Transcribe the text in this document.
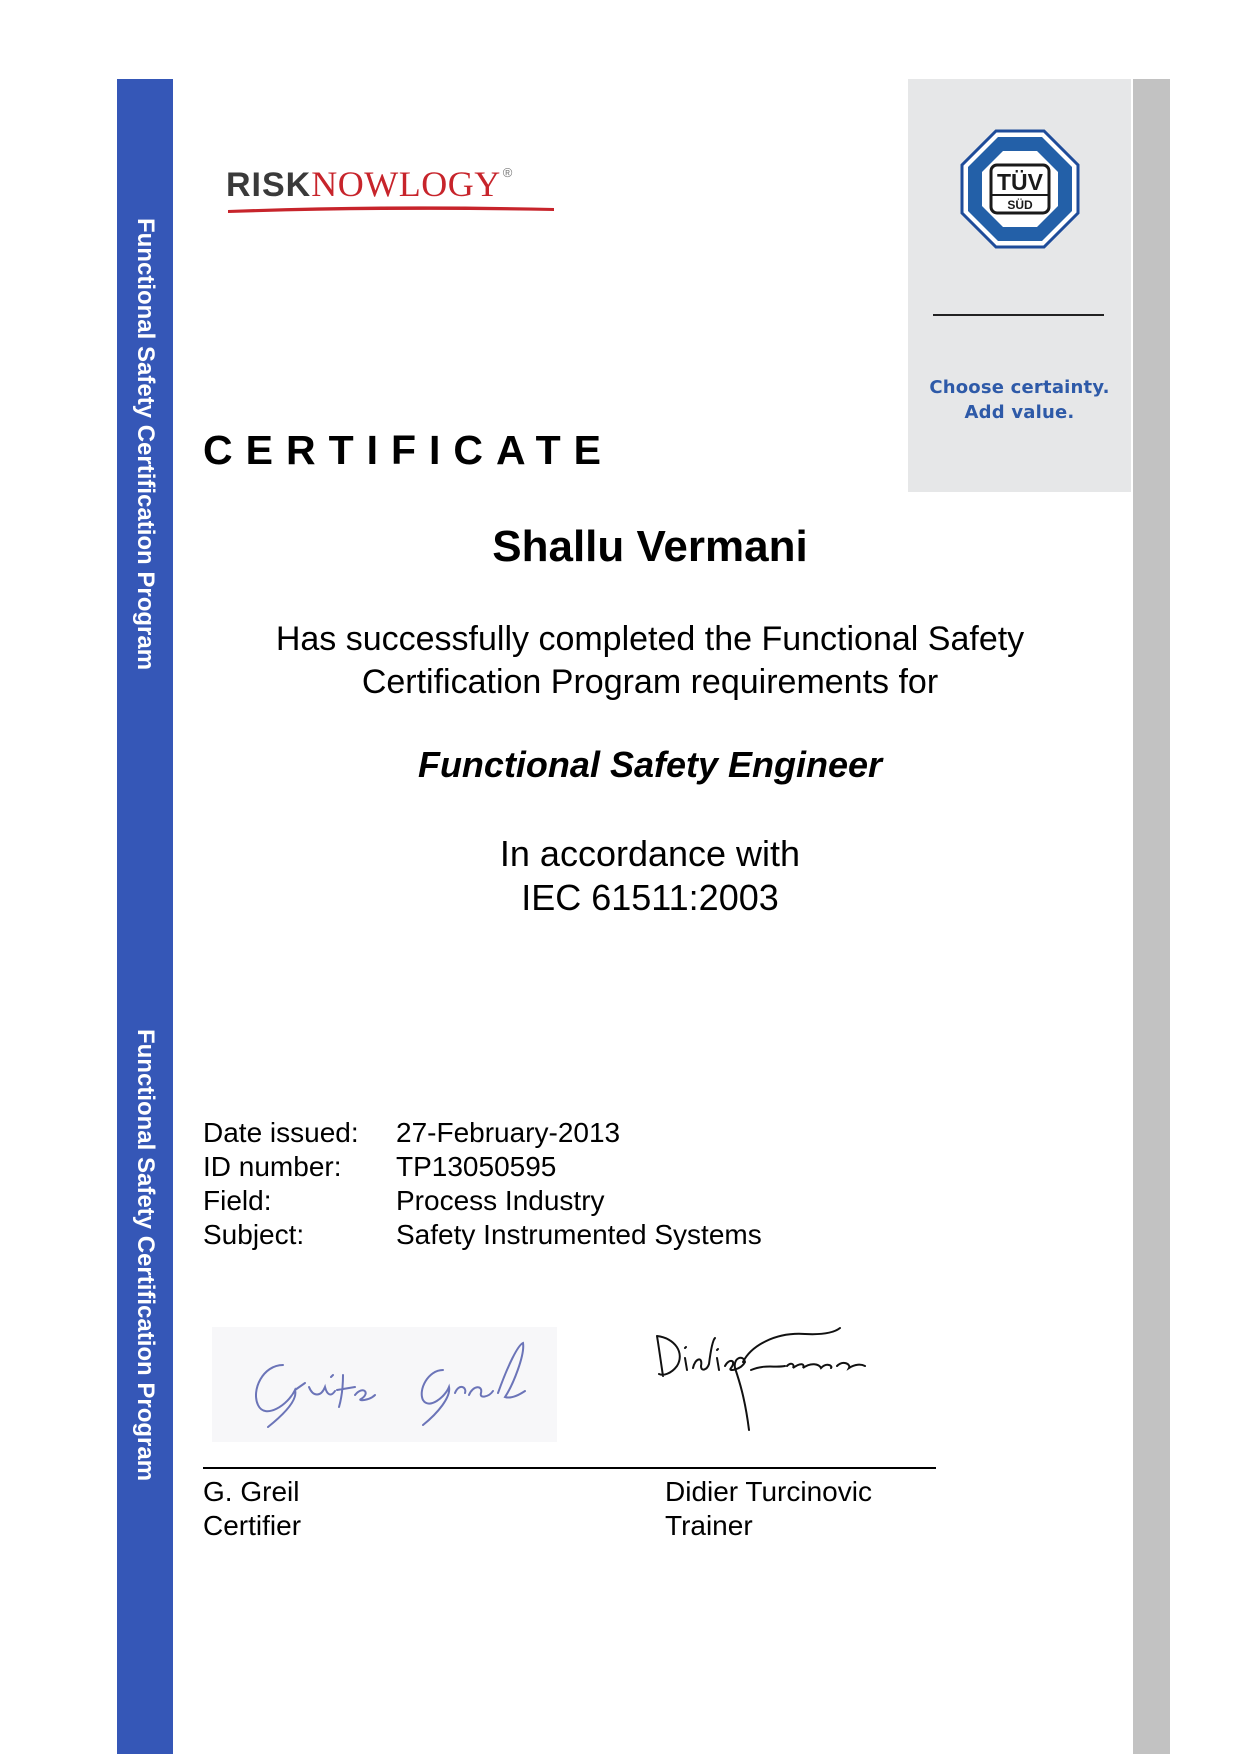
Functional Safety Certification Program
Functional Safety Certification Program
TÜV
SÜD
Choose certainty.
Add value.
RISKNOWLOGY ®
CERTIFICATE
Shallu Vermani
Has successfully completed the Functional Safety
Certification Program requirements for
Functional Safety Engineer
In accordance with
IEC 61511:2003
Date issued: 27-February-2013
ID number: TP13050595
Field:	Process Industry
Subject:	Safety Instrumented Systems
G. Greil
Certifier
Didier Turcinovic
Trainer
